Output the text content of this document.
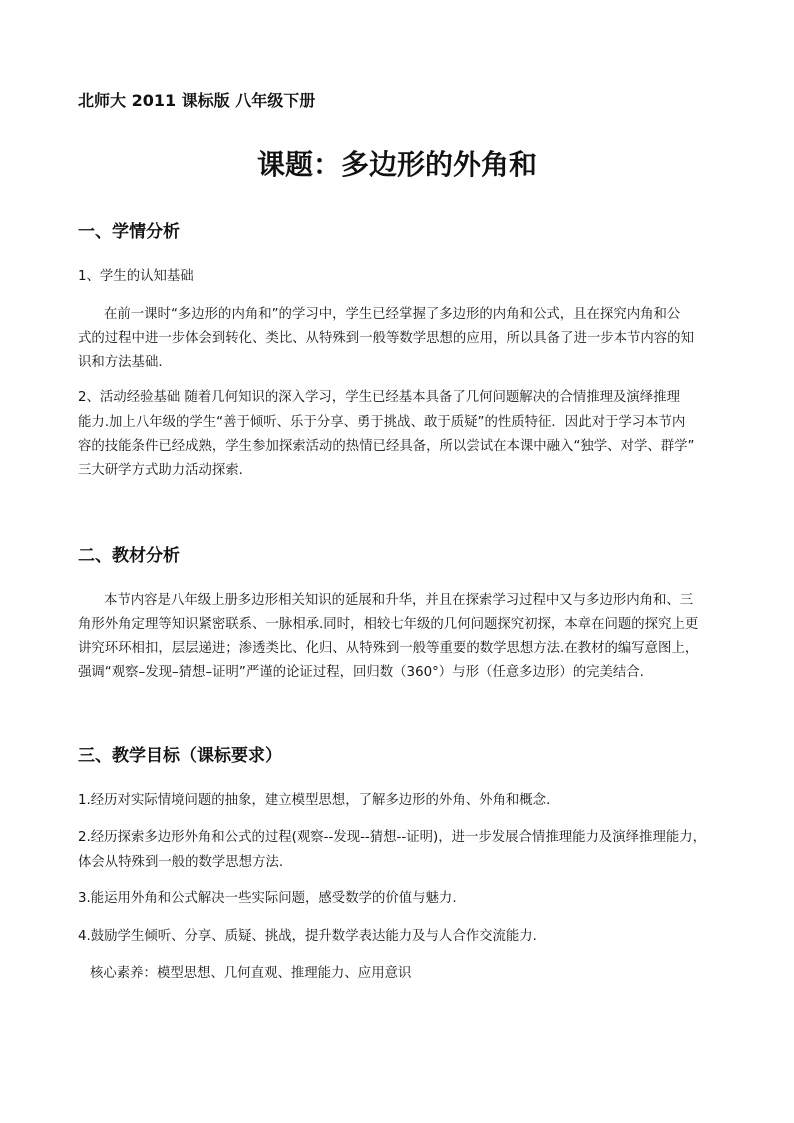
北师大 2011 课标版 八年级下册
课题：多边形的外角和
一、学情分析
1、学生的认知基础
在前一课时“多边形的内角和”的学习中，学生已经掌握了多边形的内角和公式，且在探究内角和公
式的过程中进一步体会到转化、类比、从特殊到一般等数学思想的应用，所以具备了进一步本节内容的知
识和方法基础.
2、活动经验基础 随着几何知识的深入学习，学生已经基本具备了几何问题解决的合情推理及演绎推理
能力.加上八年级的学生“善于倾听、乐于分享、勇于挑战、敢于质疑”的性质特征．因此对于学习本节内
容的技能条件已经成熟，学生参加探索活动的热情已经具备，所以尝试在本课中融入“独学、对学、群学”
三大研学方式助力活动探索.
二、教材分析
本节内容是八年级上册多边形相关知识的延展和升华，并且在探索学习过程中又与多边形内角和、三
角形外角定理等知识紧密联系、一脉相承.同时，相较七年级的几何问题探究初探，本章在问题的探究上更
讲究环环相扣，层层递进；渗透类比、化归、从特殊到一般等重要的数学思想方法.在教材的编写意图上，
强调“观察–发现–猜想–证明”严谨的论证过程，回归数（360°）与形（任意多边形）的完美结合.
三、教学目标（课标要求）
1.经历对实际情境问题的抽象，建立模型思想，了解多边形的外角、外角和概念.
2.经历探索多边形外角和公式的过程(观察--发现--猜想--证明)，进一步发展合情推理能力及演绎推理能力，
体会从特殊到一般的数学思想方法.
3.能运用外角和公式解决一些实际问题，感受数学的价值与魅力.
4.鼓励学生倾听、分享、质疑、挑战，提升数学表达能力及与人合作交流能力.
核心素养：模型思想、几何直观、推理能力、应用意识
